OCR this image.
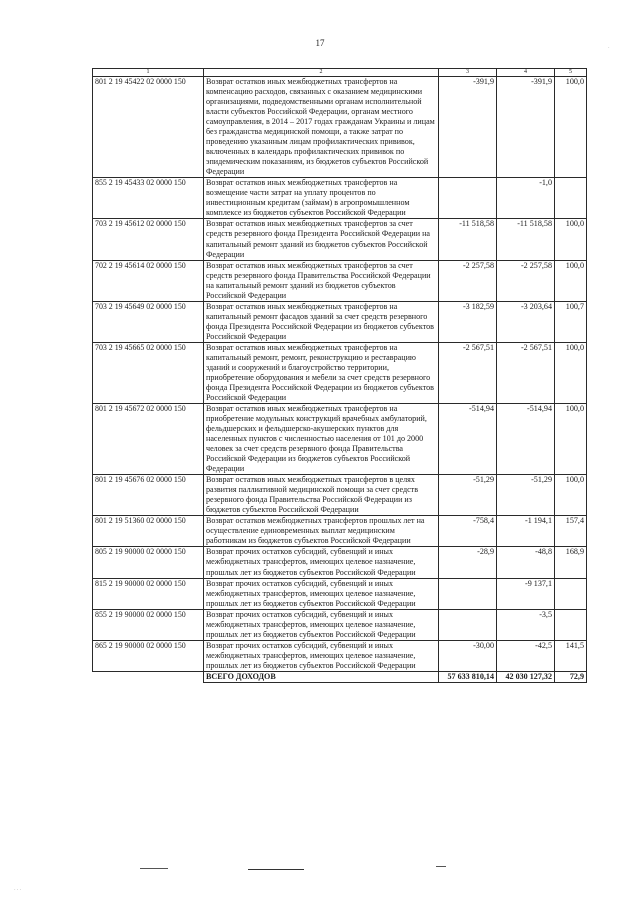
17
1	2	3	4	5
801 2 19 45422 02 0000 150	Возврат остатков иных межбюджетных трансфертов на компенсацию расходов, связанных с оказанием медицинскими организациями, подведомственными органам исполнительной власти субъектов Российской Федерации, органам местного самоуправления, в 2014 – 2017 годах гражданам Украины и лицам без гражданства медицинской помощи, а также затрат по проведению указанным лицам профилактических прививок, включенных в календарь профилактических прививок по эпидемическим показаниям, из бюджетов субъектов Российской Федерации	-391,9	-391,9	100,0
855 2 19 45433 02 0000 150	Возврат остатков иных межбюджетных трансфертов на возмещение части затрат на уплату процентов по инвестиционным кредитам (займам) в агропромышленном комплексе из бюджетов субъектов Российской Федерации		-1,0	
703 2 19 45612 02 0000 150	Возврат остатков иных межбюджетных трансфертов за счет средств резервного фонда Президента Российской Федерации на капитальный ремонт зданий из бюджетов субъектов Российской Федерации	-11 518,58	-11 518,58	100,0
702 2 19 45614 02 0000 150	Возврат остатков иных межбюджетных трансфертов за счет средств резервного фонда Правительства Российской Федерации на капитальный ремонт зданий из бюджетов субъектов Российской Федерации	-2 257,58	-2 257,58	100,0
703 2 19 45649 02 0000 150	Возврат остатков иных межбюджетных трансфертов на капитальный ремонт фасадов зданий за счет средств резервного фонда Президента Российской Федерации из бюджетов субъектов Российской Федерации	-3 182,59	-3 203,64	100,7
703 2 19 45665 02 0000 150	Возврат остатков иных межбюджетных трансфертов на капитальный ремонт, ремонт, реконструкцию и реставрацию зданий и сооружений и благоустройство территории, приобретение оборудования и мебели за счет средств резервного фонда Президента Российской Федерации из бюджетов субъектов Российской Федерации	-2 567,51	-2 567,51	100,0
801 2 19 45672 02 0000 150	Возврат остатков иных межбюджетных трансфертов на приобретение модульных конструкций врачебных амбулаторий, фельдшерских и фельдшерско-акушерских пунктов для населенных пунктов с численностью населения от 101 до 2000 человек за счет средств резервного фонда Правительства Российской Федерации из бюджетов субъектов Российской Федерации	-514,94	-514,94	100,0
801 2 19 45676 02 0000 150	Возврат остатков иных межбюджетных трансфертов в целях развития паллиативной медицинской помощи за счет средств резервного фонда Правительства Российской Федерации из бюджетов субъектов Российской Федерации	-51,29	-51,29	100,0
801 2 19 51360 02 0000 150	Возврат остатков межбюджетных трансфертов прошлых лет на осуществление единовременных выплат медицинским работникам из бюджетов субъектов Российской Федерации	-758,4	-1 194,1	157,4
805 2 19 90000 02 0000 150	Возврат прочих остатков субсидий, субвенций и иных межбюджетных трансфертов, имеющих целевое назначение, прошлых лет из бюджетов субъектов Российской Федерации	-28,9	-48,8	168,9
815 2 19 90000 02 0000 150	Возврат прочих остатков субсидий, субвенций и иных межбюджетных трансфертов, имеющих целевое назначение, прошлых лет из бюджетов субъектов Российской Федерации		-9 137,1	
855 2 19 90000 02 0000 150	Возврат прочих остатков субсидий, субвенций и иных межбюджетных трансфертов, имеющих целевое назначение, прошлых лет из бюджетов субъектов Российской Федерации		-3,5	
865 2 19 90000 02 0000 150	Возврат прочих остатков субсидий, субвенций и иных межбюджетных трансфертов, имеющих целевое назначение, прошлых лет из бюджетов субъектов Российской Федерации	-30,00	-42,5	141,5
	ВСЕГО ДОХОДОВ	57 633 810,14	42 030 127,32	72,9
· · ·
·
